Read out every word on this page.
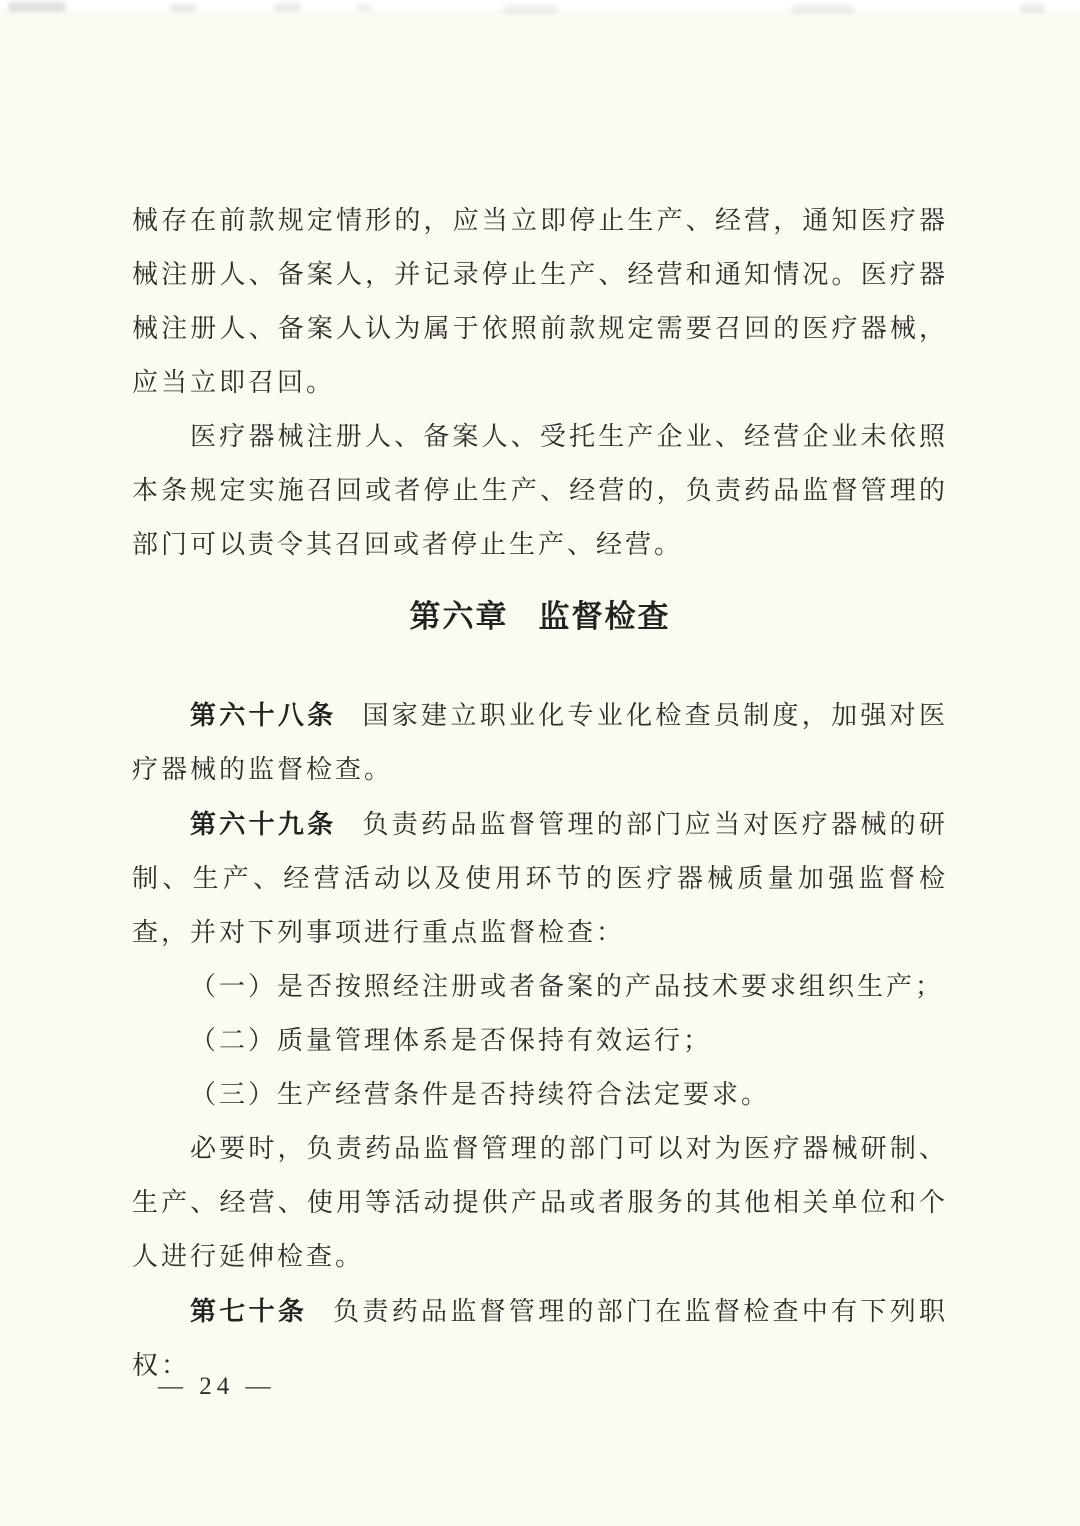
械存在前款规定情形的，应当立即停止生产、经营，通知医疗器械注册人、备案人，并记录停止生产、经营和通知情况。医疗器械注册人、备案人认为属于依照前款规定需要召回的医疗器械，应当立即召回。

医疗器械注册人、备案人、受托生产企业、经营企业未依照本条规定实施召回或者停止生产、经营的，负责药品监督管理的部门可以责令其召回或者停止生产、经营。

第六章 监督检查

第六十八条 国家建立职业化专业化检查员制度，加强对医疗器械的监督检查。

第六十九条 负责药品监督管理的部门应当对医疗器械的研制、生产、经营活动以及使用环节的医疗器械质量加强监督检查，并对下列事项进行重点监督检查：

（一）是否按照经注册或者备案的产品技术要求组织生产；

（二）质量管理体系是否保持有效运行；

（三）生产经营条件是否持续符合法定要求。

必要时，负责药品监督管理的部门可以对为医疗器械研制、生产、经营、使用等活动提供产品或者服务的其他相关单位和个人进行延伸检查。

第七十条 负责药品监督管理的部门在监督检查中有下列职权：

— 24 —
